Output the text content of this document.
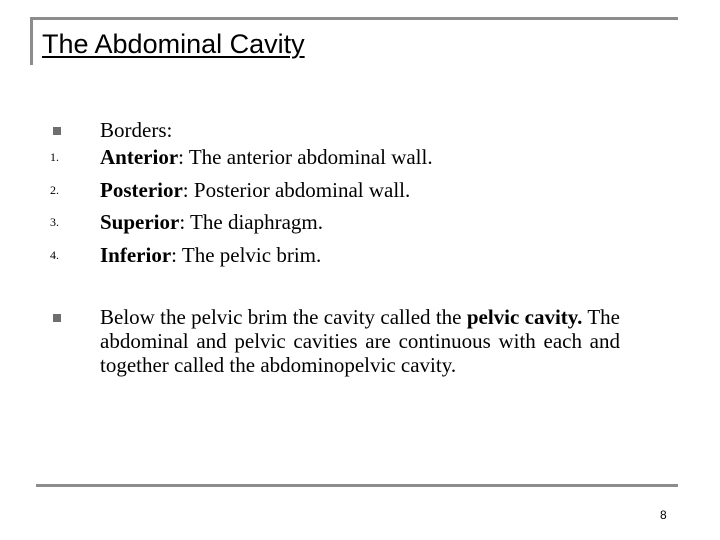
The Abdominal Cavity
Borders:
1.	Anterior: The anterior abdominal wall.
2.	Posterior: Posterior abdominal wall.
3.	Superior: The diaphragm.
4.	Inferior: The pelvic brim.
Below the pelvic brim the cavity called the pelvic cavity. The abdominal and pelvic cavities are continuous with each and together called the abdominopelvic cavity.
8
